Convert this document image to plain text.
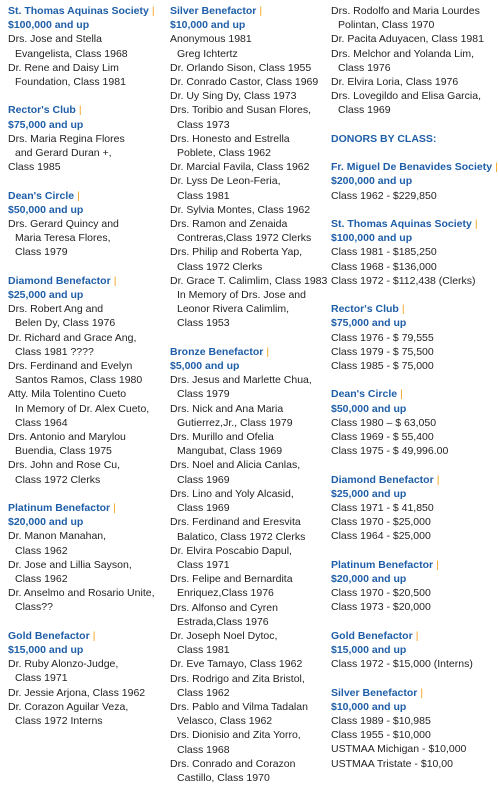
St. Thomas Aquinas Society |
$100,000 and up
Drs. Jose and Stella
Evangelista, Class 1968
Dr. Rene and Daisy Lim
Foundation, Class 1981
Rector's Club |
$75,000 and up
Drs. Maria Regina Flores
and Gerard Duran +,
Class 1985
Dean's Circle |
$50,000 and up
Drs. Gerard Quincy and
Maria Teresa Flores,
Class 1979
Diamond Benefactor |
$25,000 and up
Drs. Robert Ang and
Belen Dy, Class 1976
Dr. Richard and Grace Ang,
Class 1981 ????
Drs. Ferdinand and Evelyn
Santos Ramos, Class 1980
Atty. Mila Tolentino Cueto
In Memory of Dr. Alex Cueto,
Class 1964
Drs. Antonio and Marylou
Buendia, Class 1975
Drs. John and Rose Cu,
Class 1972 Clerks
Platinum Benefactor |
$20,000 and up
Dr. Manon Manahan,
Class 1962
Dr. Jose and Lillia Sayson,
Class 1962
Dr. Anselmo and Rosario Unite,
Class??
Gold Benefactor |
$15,000 and up
Dr. Ruby Alonzo-Judge,
Class 1971
Dr. Jessie Arjona, Class 1962
Dr. Corazon Aguilar Veza,
Class 1972 Interns
Silver Benefactor |
$10,000 and up
Anonymous 1981
Greg Ichtertz
Dr. Orlando Sison, Class 1955
Dr. Conrado Castor, Class 1969
Dr. Uy Sing Dy, Class 1973
Drs. Toribio and Susan Flores,
Class 1973
Drs. Honesto and Estrella
Poblete, Class 1962
Dr. Marcial Favila, Class 1962
Dr. Lyss De Leon-Feria,
Class 1981
Dr. Sylvia Montes, Class 1962
Drs. Ramon and Zenaida
Contreras,Class 1972 Clerks
Drs. Philip and Roberta Yap,
Class 1972 Clerks
Dr. Grace T. Calimlim, Class 1983
In Memory of Drs. Jose and
Leonor Rivera Calimlim,
Class 1953
Bronze Benefactor |
$5,000 and up
Drs. Jesus and Marlette Chua,
Class 1979
Drs. Nick and Ana Maria
Gutierrez,Jr., Class 1979
Drs. Murillo and Ofelia
Mangubat, Class 1969
Drs. Noel and Alicia Canlas,
Class 1969
Drs. Lino and Yoly Alcasid,
Class 1969
Drs. Ferdinand and Eresvita
Balatico, Class 1972 Clerks
Dr. Elvira Poscabio Dapul,
Class 1971
Drs. Felipe and Bernardita
Enriquez,Class 1976
Drs. Alfonso and Cyren
Estrada,Class 1976
Dr. Joseph Noel Dytoc,
Class 1981
Dr. Eve Tamayo, Class 1962
Drs. Rodrigo and Zita Bristol,
Class 1962
Drs. Pablo and Vilma Tadalan
Velasco, Class 1962
Drs. Dionisio and Zita Yorro,
Class 1968
Drs. Conrado and Corazon
Castillo, Class 1970
Drs. Rodolfo and Maria Lourdes
Polintan, Class 1970
Dr. Pacita Aduyacen, Class 1981
Drs. Melchor and Yolanda Lim,
Class 1976
Dr. Elvira Loria, Class 1976
Drs. Lovegildo and Elisa Garcia,
Class 1969
DONORS BY CLASS:
Fr. Miguel De Benavides Society |
$200,000 and up
Class 1962 - $229,850
St. Thomas Aquinas Society |
$100,000 and up
Class 1981 - $185,250
Class 1968 - $136,000
Class 1972 - $112,438 (Clerks)
Rector's Club |
$75,000 and up
Class 1976 - $ 79,555
Class 1979 - $ 75,500
Class 1985 - $ 75,000
Dean's Circle |
$50,000 and up
Class 1980 – $ 63,050
Class 1969 - $ 55,400
Class 1975 - $ 49,996.00
Diamond Benefactor |
$25,000 and up
Class 1971 - $ 41,850
Class 1970 - $25,000
Class 1964 - $25,000
Platinum Benefactor |
$20,000 and up
Class 1970 - $20,500
Class 1973 - $20,000
Gold Benefactor |
$15,000 and up
Class 1972 - $15,000 (Interns)
Silver Benefactor |
$10,000 and up
Class 1989 - $10,985
Class 1955 - $10,000
USTMAA Michigan - $10,000
USTMAA Tristate - $10,00
